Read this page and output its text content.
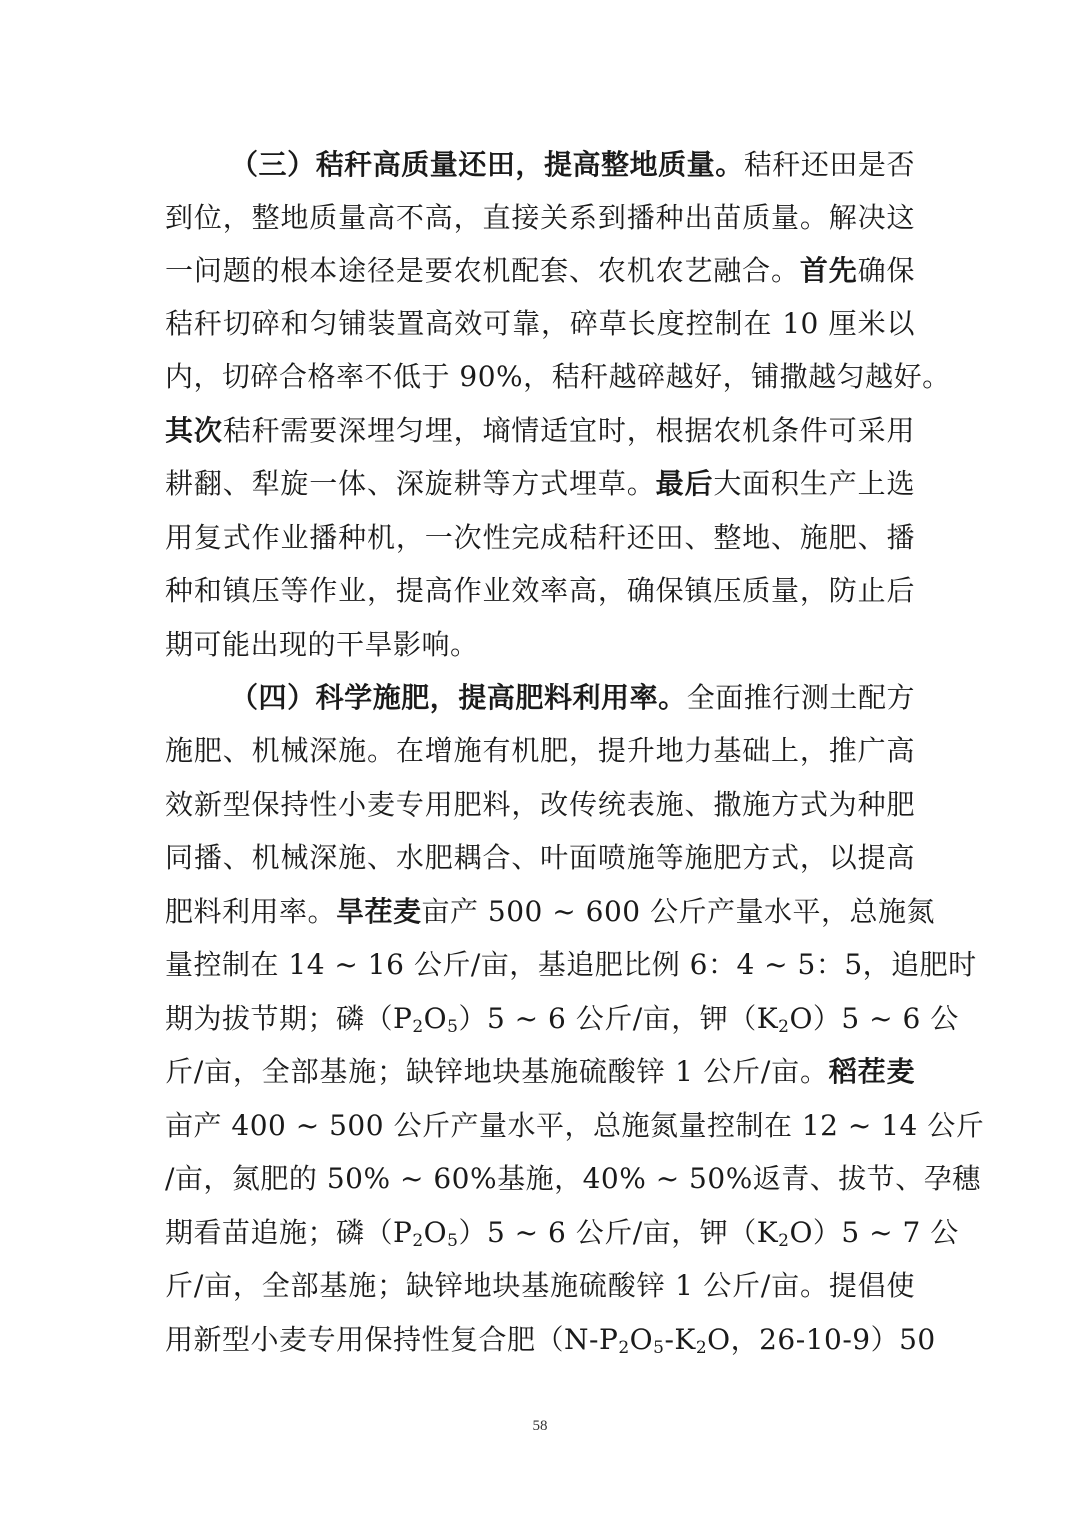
（三）秸秆高质量还田，提高整地质量。秸秆还田是否
到位，整地质量高不高，直接关系到播种出苗质量。解决这
一问题的根本途径是要农机配套、农机农艺融合。首先确保
秸秆切碎和匀铺装置高效可靠，碎草长度控制在 10 厘米以
内，切碎合格率不低于 90%，秸秆越碎越好，铺撒越匀越好。
其次秸秆需要深埋匀埋，墒情适宜时，根据农机条件可采用
耕翻、犁旋一体、深旋耕等方式埋草。最后大面积生产上选
用复式作业播种机，一次性完成秸秆还田、整地、施肥、播
种和镇压等作业，提高作业效率高，确保镇压质量，防止后
期可能出现的干旱影响。
（四）科学施肥，提高肥料利用率。全面推行测土配方
施肥、机械深施。在增施有机肥，提升地力基础上，推广高
效新型保持性小麦专用肥料，改传统表施、撒施方式为种肥
同播、机械深施、水肥耦合、叶面喷施等施肥方式，以提高
肥料利用率。旱茬麦亩产 500 ~ 600 公斤产量水平，总施氮
量控制在 14 ~ 16 公斤/亩，基追肥比例 6：4 ~ 5：5，追肥时
期为拔节期；磷$(P_2O_5)5$ ~ 6 公斤/亩，钾$(K_2O)5$ ~ 6 公
斤/亩，全部基施；缺锌地块基施硫酸锌 1 公斤/亩。稻茬麦
亩产 400 ~ 500 公斤产量水平，总施氮量控制在 12 ~ 14 公斤
/亩，氮肥的 50% ~ 60%基施，40% ~ 50%返青、拔节、孕穗
期看苗追施；磷$(P_2O_5)5$ ~ 6 公斤/亩，钾$(K_2O)5$ ~ 7 公
斤/亩，全部基施；缺锌地块基施硫酸锌 1 公斤/亩。提倡使
用新型小麦专用保持性复合肥（$N-P_2O_5-K_2O$，26-10-9）50
58
